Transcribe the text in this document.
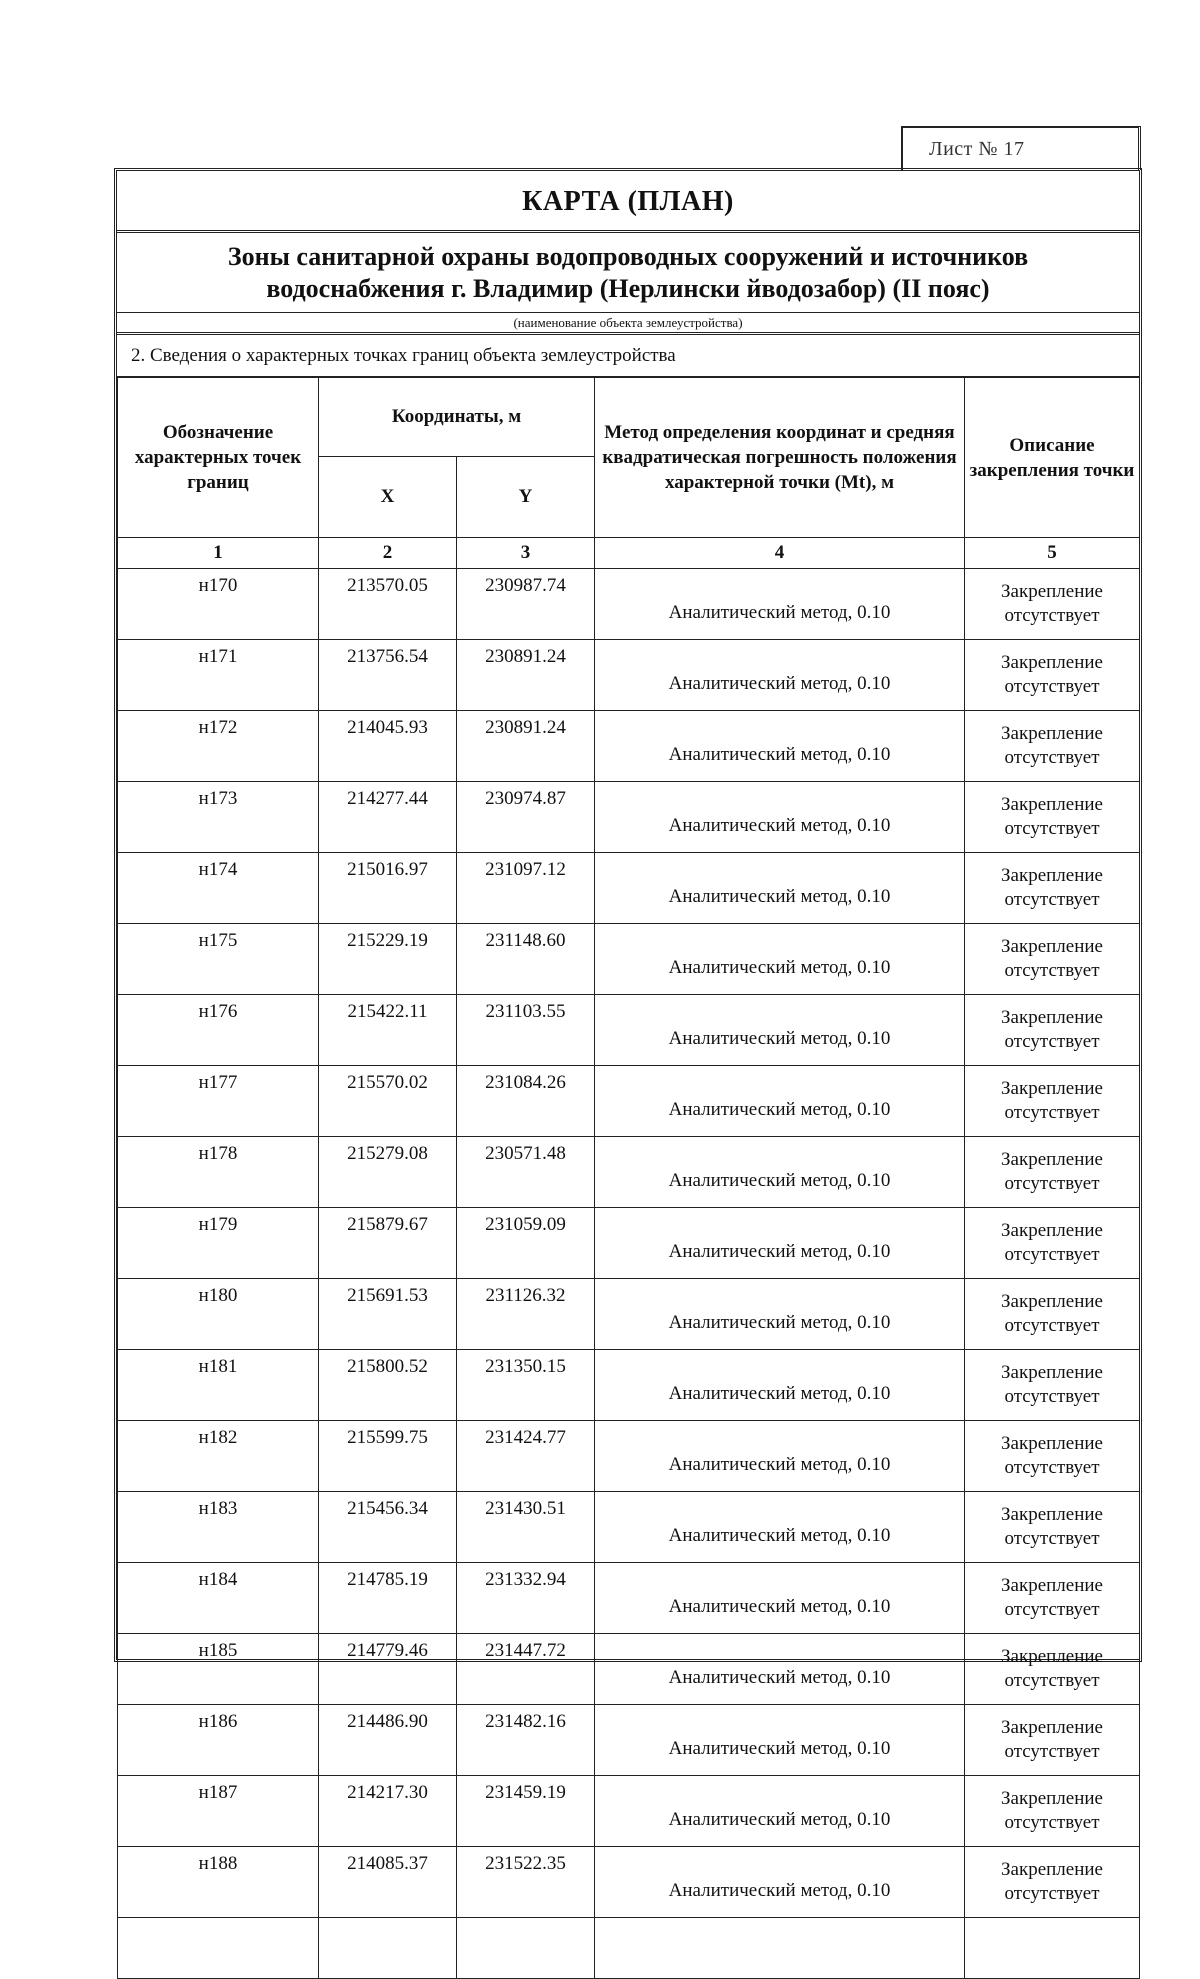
Лист № 17
КАРТА (ПЛАН)
Зоны санитарной охраны водопроводных сооружений и источников
водоснабжения г. Владимир (Нерлински йводозабор) (II пояс)
(наименование объекта землеустройства)
2. Сведения о характерных точках границ объекта землеустройства
Обозначение характерных точек границ	Координаты, м		Метод определения координат и средняя квадратическая погрешность положения характерной точки (Mt), м	Описание закрепления точки
	X	Y		
1	2	3	4	5
н170	213570.05	230987.74	Аналитический метод, 0.10	Закрепление отсутствует
н171	213756.54	230891.24	Аналитический метод, 0.10	Закрепление отсутствует
н172	214045.93	230891.24	Аналитический метод, 0.10	Закрепление отсутствует
н173	214277.44	230974.87	Аналитический метод, 0.10	Закрепление отсутствует
н174	215016.97	231097.12	Аналитический метод, 0.10	Закрепление отсутствует
н175	215229.19	231148.60	Аналитический метод, 0.10	Закрепление отсутствует
н176	215422.11	231103.55	Аналитический метод, 0.10	Закрепление отсутствует
н177	215570.02	231084.26	Аналитический метод, 0.10	Закрепление отсутствует
н178	215279.08	230571.48	Аналитический метод, 0.10	Закрепление отсутствует
н179	215879.67	231059.09	Аналитический метод, 0.10	Закрепление отсутствует
н180	215691.53	231126.32	Аналитический метод, 0.10	Закрепление отсутствует
н181	215800.52	231350.15	Аналитический метод, 0.10	Закрепление отсутствует
н182	215599.75	231424.77	Аналитический метод, 0.10	Закрепление отсутствует
н183	215456.34	231430.51	Аналитический метод, 0.10	Закрепление отсутствует
н184	214785.19	231332.94	Аналитический метод, 0.10	Закрепление отсутствует
н185	214779.46	231447.72	Аналитический метод, 0.10	Закрепление отсутствует
н186	214486.90	231482.16	Аналитический метод, 0.10	Закрепление отсутствует
н187	214217.30	231459.19	Аналитический метод, 0.10	Закрепление отсутствует
н188	214085.37	231522.35	Аналитический метод, 0.10	Закрепление отсутствует
